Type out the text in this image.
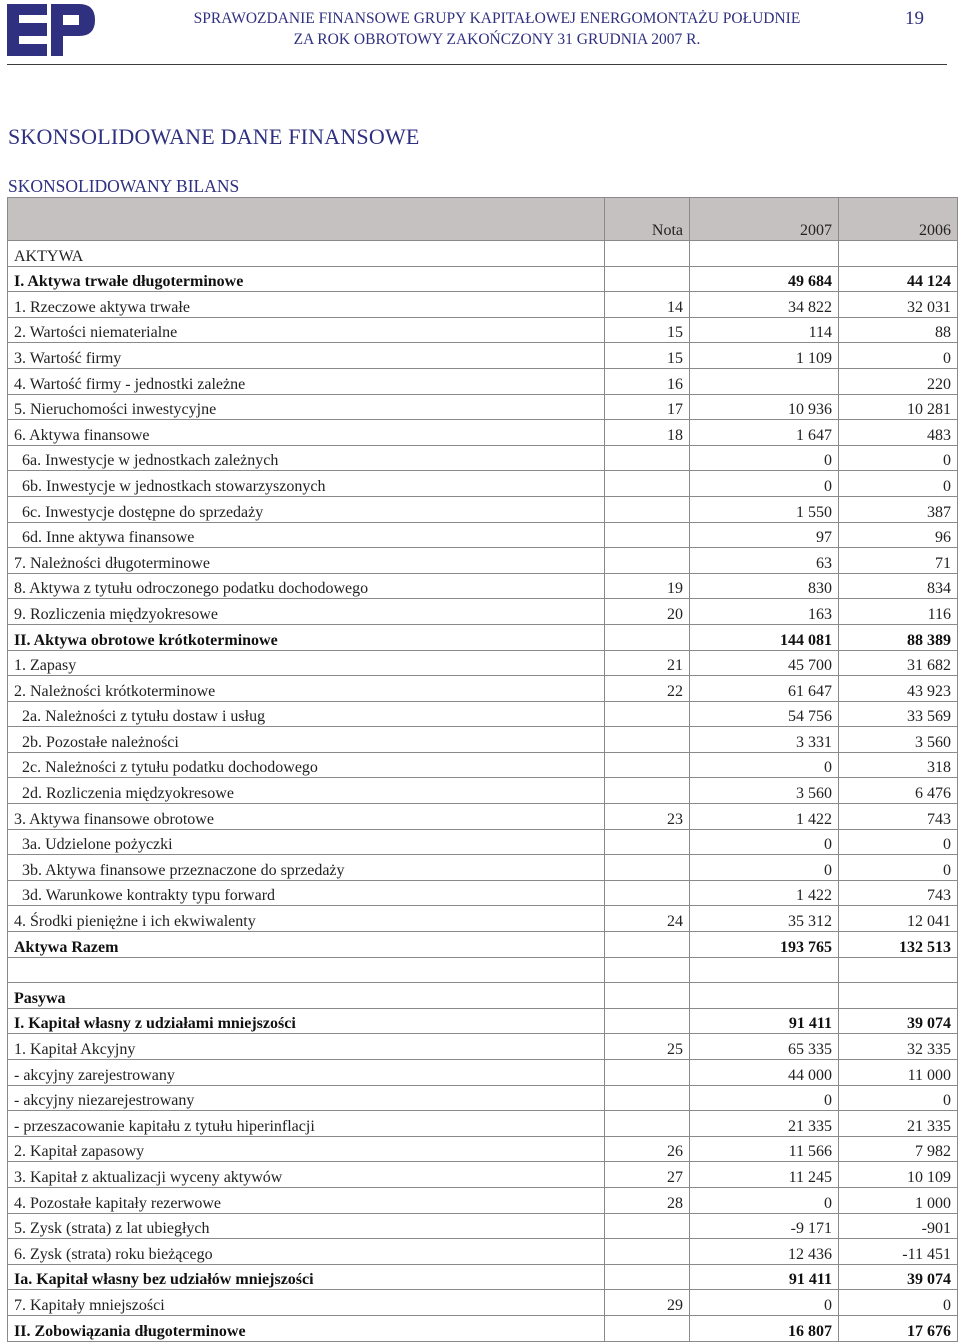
SPRAWOZDANIE FINANSOWE GRUPY KAPITAŁOWEJ ENERGOMONTAŻU POŁUDNIE
ZA ROK OBROTOWY ZAKOŃCZONY 31 GRUDNIA 2007 R.
19
SKONSOLIDOWANE DANE FINANSOWE
SKONSOLIDOWANY BILANS
	Nota	2007	2006
AKTYWA			
I. Aktywa trwałe długoterminowe		49 684	44 124
1. Rzeczowe aktywa trwałe	14	34 822	32 031
2. Wartości niematerialne	15	114	88
3. Wartość firmy	15	1 109	0
4. Wartość firmy - jednostki zależne	16		220
5. Nieruchomości inwestycyjne	17	10 936	10 281
6. Aktywa finansowe	18	1 647	483
6a. Inwestycje w jednostkach zależnych		0	0
6b. Inwestycje w jednostkach stowarzyszonych		0	0
6c. Inwestycje dostępne do sprzedaży		1 550	387
6d. Inne aktywa finansowe		97	96
7. Należności długoterminowe		63	71
8. Aktywa z tytułu odroczonego podatku dochodowego	19	830	834
9. Rozliczenia międzyokresowe	20	163	116
II. Aktywa obrotowe krótkoterminowe		144 081	88 389
1. Zapasy	21	45 700	31 682
2. Należności krótkoterminowe	22	61 647	43 923
2a. Należności z tytułu dostaw i usług		54 756	33 569
2b. Pozostałe należności		3 331	3 560
2c. Należności z tytułu podatku dochodowego		0	318
2d. Rozliczenia międzyokresowe		3 560	6 476
3. Aktywa finansowe obrotowe	23	1 422	743
3a. Udzielone pożyczki		0	0
3b. Aktywa finansowe przeznaczone do sprzedaży		0	0
3d. Warunkowe kontrakty typu forward		1 422	743
4. Środki pieniężne i ich ekwiwalenty	24	35 312	12 041
Aktywa Razem		193 765	132 513

Pasywa			
I. Kapitał własny z udziałami mniejszości		91 411	39 074
1. Kapitał Akcyjny	25	65 335	32 335
- akcyjny zarejestrowany		44 000	11 000
- akcyjny niezarejestrowany		0	0
- przeszacowanie kapitału z tytułu hiperinflacji		21 335	21 335
2. Kapitał zapasowy	26	11 566	7 982
3. Kapitał z aktualizacji wyceny aktywów	27	11 245	10 109
4. Pozostałe kapitały rezerwowe	28	0	1 000
5. Zysk (strata) z lat ubiegłych		-9 171	-901
6. Zysk (strata) roku bieżącego		12 436	-11 451
Ia. Kapitał własny bez udziałów mniejszości		91 411	39 074
7. Kapitały mniejszości	29	0	0
II. Zobowiązania długoterminowe		16 807	17 676
